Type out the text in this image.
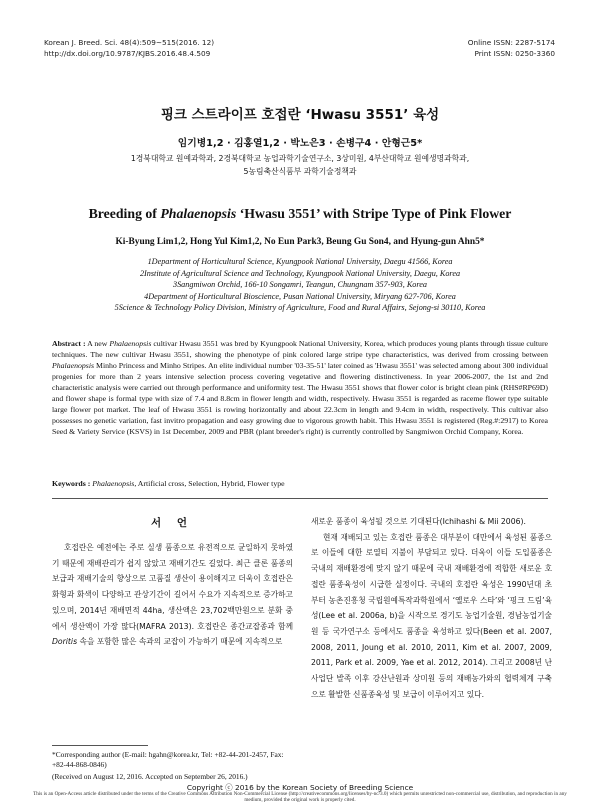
Korean J. Breed. Sci. 48(4):509~515(2016. 12)
http://dx.doi.org/10.9787/KJBS.2016.48.4.509
Online ISSN: 2287-5174
Print ISSN: 0250-3360
핑크 스트라이프 호접란 ‘Hwasu 3551’ 육성
임기병1,2 · 김홍열1,2 · 박노은3 · 손병구4 · 안형근5*
1경북대학교 원예과학과, 2경북대학교 농업과학기술연구소, 3상미원, 4부산대학교 원예생명과학과,
5농림축산식품부 과학기술정책과
Breeding of Phalaenopsis ‘Hwasu 3551’ with Stripe Type of Pink Flower
Ki-Byung Lim1,2, Hong Yul Kim1,2, No Eun Park3, Beung Gu Son4, and Hyung-gun Ahn5*
1Department of Horticultural Science, Kyungpook National University, Daegu 41566, Korea
2Institute of Agricultural Science and Technology, Kyungpook National University, Daegu, Korea
3Sangmiwon Orchid, 166-10 Songamri, Teangun, Chungnam 357-903, Korea
4Department of Horticultural Bioscience, Pusan National University, Miryang 627-706, Korea
5Science & Technology Policy Division, Ministry of Agriculture, Food and Rural Affairs, Sejong-si 30110, Korea
Abstract : A new Phalaenopsis cultivar Hwasu 3551 was bred by Kyungpook National University, Korea, which produces young plants through tissue culture techniques. The new cultivar Hwasu 3551, showing the phenotype of pink colored large stripe type characteristics, was derived from crossing between Phalaenopsis Minho Princess and Minho Stripes. An elite individual number '03-35-51' later coined as 'Hwasu 3551' was selected among about 300 individual progenies for more than 2 years intensive selection process covering vegetative and flowering distinctiveness. In year 2006-2007, the 1st and 2nd characteristic analysis were carried out through performance and uniformity test. The Hwasu 3551 shows that flower color is bright clean pink (RHS#RP69D) and flower shape is formal type with size of 7.4 and 8.8cm in flower length and width, respectively. Hwasu 3551 is regarded as raceme flower type suitable large flower pot market. The leaf of Hwasu 3551 is rowing horizontally and about 22.3cm in length and 9.4cm in width, respectively. This cultivar also possesses no genetic variation, fast invitro propagation and easy growing due to vigorous growth habit. This Hwasu 3551 is registered (Reg.#:2917) to Korea Seed & Variety Service (KSVS) in 1st December, 2009 and PBR (plant breeder's right) is currently controlled by Sangmiwon Orchid Company, Korea.
Keywords : Phalaenopsis, Artificial cross, Selection, Hybrid, Flower type
서 언

호접란은 예전에는 주로 실생 품종으로 유전적으로 균일하지 못하였기 때문에 재배관리가 쉽지 않았고 재배기간도 길었다. 최근 클론 품종의 보급과 재배기술의 향상으로 고품질 생산이 용이해지고 더욱이 호접란은 화형과 화색이 다양하고 관상기간이 길어서 수요가 지속적으로 증가하고 있으며, 2014년 재배면적 44ha, 생산액은 23,702백만원으로 분화 중에서 생산액이 가장 많다(MAFRA 2013). 호접란은 종간교잡종과 함께 Doritis 속을 포함한 많은 속과의 교잡이 가능하기 때문에 지속적으로

새로운 품종이 육성될 것으로 기대된다(Ichihashi & Mii 2006).

현재 재배되고 있는 호접란 품종은 대부분이 대만에서 육성된 품종으로 이들에 대한 로열티 지불이 부담되고 있다. 더욱이 이들 도입품종은 국내의 재배환경에 맞지 않기 때문에 국내 재배환경에 적합한 새로운 호접란 품종육성이 시급한 실정이다. 국내의 호접란 육성은 1990년대 초부터 농촌진흥청 국립원예특작과학원에서 ‘옐로우 스타’와 ‘핑크 드림’육성(Lee et al. 2006a, b)을 시작으로 경기도 농업기술원, 경남농업기술원 등 국가연구소 등에서도 품종을 육성하고 있다(Been et al. 2007, 2008, 2011, Joung et al. 2010, 2011, Kim et al. 2007, 2009, 2011, Park et al. 2009, Yae et al. 2012, 2014). 그리고 2008년 난사업단 발족 이후 강산난원과 상미원 등의 재배농가와의 협력체계 구축으로 활발한 신품종육성 및 보급이 이루어지고 있다.

*Corresponding author (E-mail: hgahn@korea.kr, Tel: +82-44-201-2457, Fax: +82-44-868-0846)

(Received on August 12, 2016. Accepted on September 26, 2016.)
Copyright ⓒ 2016 by the Korean Society of Breeding Science
This is an Open-Access article distributed under the terms of the Creative Commons Attribution Non-Commercial License (http://creativecommons.org/licenses/by-nc/3.0) which permits unrestricted non-commercial use, distribution, and reproduction in any medium, provided the original work is properly cited.
